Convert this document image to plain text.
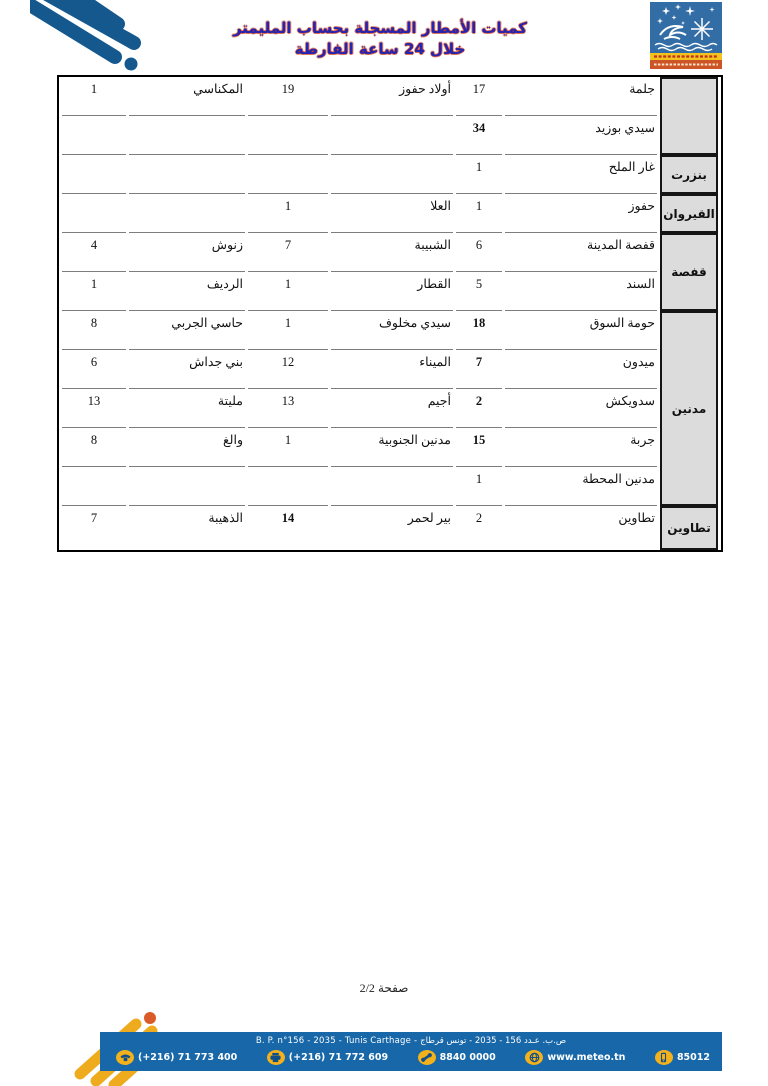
كميات الأمطار المسجلة بحساب المليمتر
خلال 24 ساعة الفارطة
	جلمة	17	أولاد حفوز	19	المكناسي	1
	سيدي بوزيد	34				
بنزرت	غار الملح	1				
القيروان	حفوز	1	العلا	1		
قفصة	قفصة المدينة	6	الشبيبة	7	زنوش	4
	السند	5	القطار	1	الرديف	1
مدنين	حومة السوق	18	سيدي مخلوف	1	حاسي الجربي	8
	ميدون	7	الميناء	12	بني جداش	6
	سدويكش	2	أجيم	13	مليتة	13
	جربة	15	مدنين الجنوبية	1	والغ	8
	مدنين المحطة	1				
تطاوين	تطاوين	2	بير لحمر	14	الذهيبة	7
صفحة 2/2
B. P. n°156 - 2035 - Tunis Carthage - ص.ب. عـدد 156 - 2035 - تونس قرطاج
(+216) 71 773 400	(+216) 71 772 609	8840 0000	www.meteo.tn	85012
